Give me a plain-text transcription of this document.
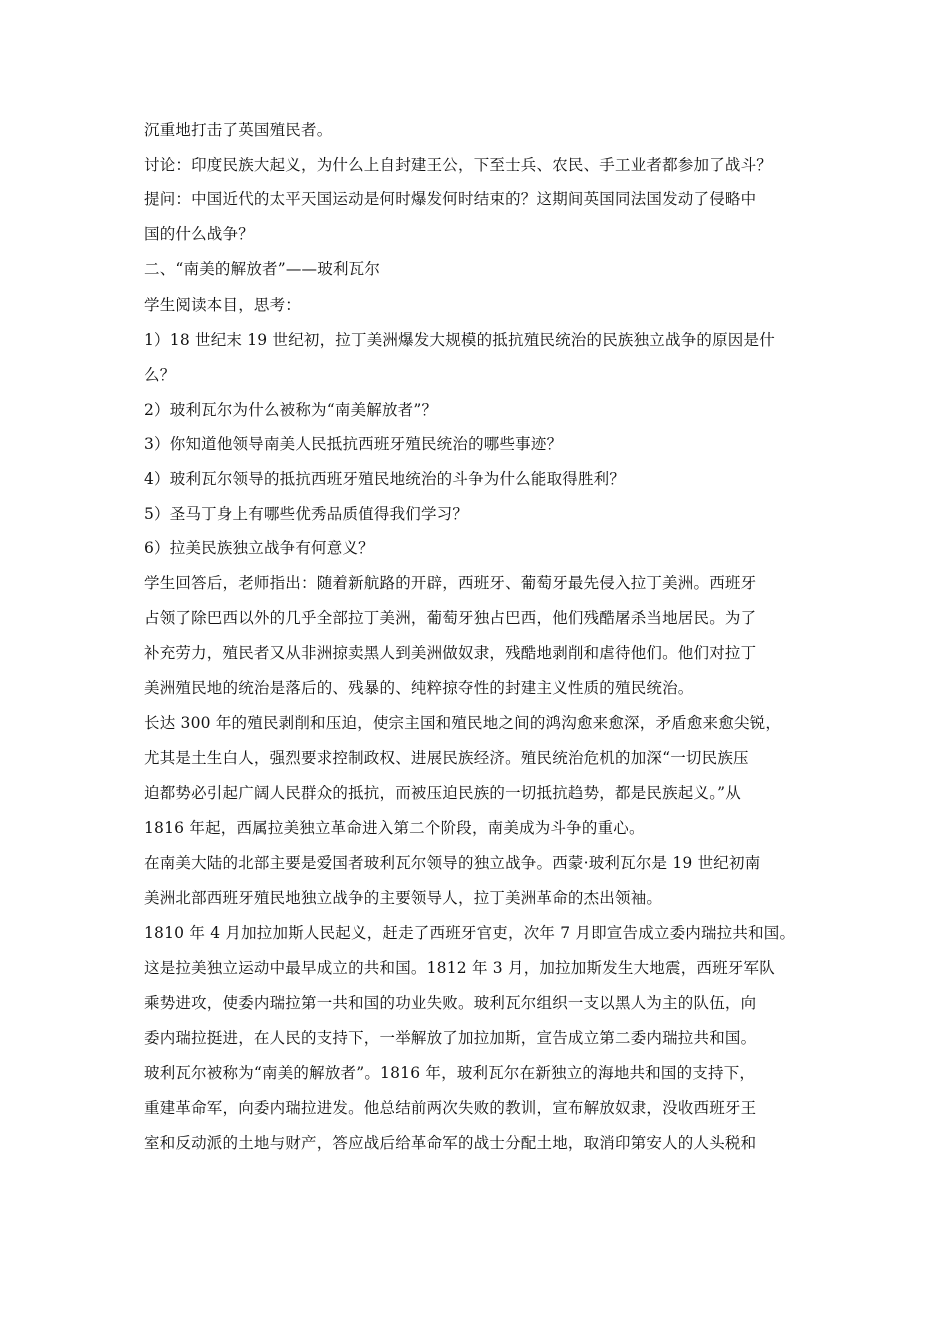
沉重地打击了英国殖民者。
讨论：印度民族大起义，为什么上自封建王公，下至士兵、农民、手工业者都参加了战斗？
提问：中国近代的太平天国运动是何时爆发何时结束的？这期间英国同法国发动了侵略中
国的什么战争？
二、“南美的解放者”——玻利瓦尔
学生阅读本目，思考：
1）18 世纪末 19 世纪初，拉丁美洲爆发大规模的抵抗殖民统治的民族独立战争的原因是什
么？
2）玻利瓦尔为什么被称为“南美解放者”？
3）你知道他领导南美人民抵抗西班牙殖民统治的哪些事迹？
4）玻利瓦尔领导的抵抗西班牙殖民地统治的斗争为什么能取得胜利？
5）圣马丁身上有哪些优秀品质值得我们学习？
6）拉美民族独立战争有何意义？
学生回答后，老师指出：随着新航路的开辟，西班牙、葡萄牙最先侵入拉丁美洲。西班牙
占领了除巴西以外的几乎全部拉丁美洲，葡萄牙独占巴西，他们残酷屠杀当地居民。为了
补充劳力，殖民者又从非洲掠卖黑人到美洲做奴隶，残酷地剥削和虐待他们。他们对拉丁
美洲殖民地的统治是落后的、残暴的、纯粹掠夺性的封建主义性质的殖民统治。
长达 300 年的殖民剥削和压迫，使宗主国和殖民地之间的鸿沟愈来愈深，矛盾愈来愈尖锐，
尤其是土生白人，强烈要求控制政权、进展民族经济。殖民统治危机的加深“一切民族压
迫都势必引起广阔人民群众的抵抗，而被压迫民族的一切抵抗趋势，都是民族起义。”从
1816 年起，西属拉美独立革命进入第二个阶段，南美成为斗争的重心。
在南美大陆的北部主要是爱国者玻利瓦尔领导的独立战争。西蒙·玻利瓦尔是 19 世纪初南
美洲北部西班牙殖民地独立战争的主要领导人，拉丁美洲革命的杰出领袖。
1810 年 4 月加拉加斯人民起义，赶走了西班牙官吏，次年 7 月即宣告成立委内瑞拉共和国。
这是拉美独立运动中最早成立的共和国。1812 年 3 月，加拉加斯发生大地震，西班牙军队
乘势进攻，使委内瑞拉第一共和国的功业失败。玻利瓦尔组织一支以黑人为主的队伍，向
委内瑞拉挺进，在人民的支持下，一举解放了加拉加斯，宣告成立第二委内瑞拉共和国。
玻利瓦尔被称为“南美的解放者”。1816 年，玻利瓦尔在新独立的海地共和国的支持下，
重建革命军，向委内瑞拉进发。他总结前两次失败的教训，宣布解放奴隶，没收西班牙王
室和反动派的土地与财产，答应战后给革命军的战士分配土地，取消印第安人的人头税和
